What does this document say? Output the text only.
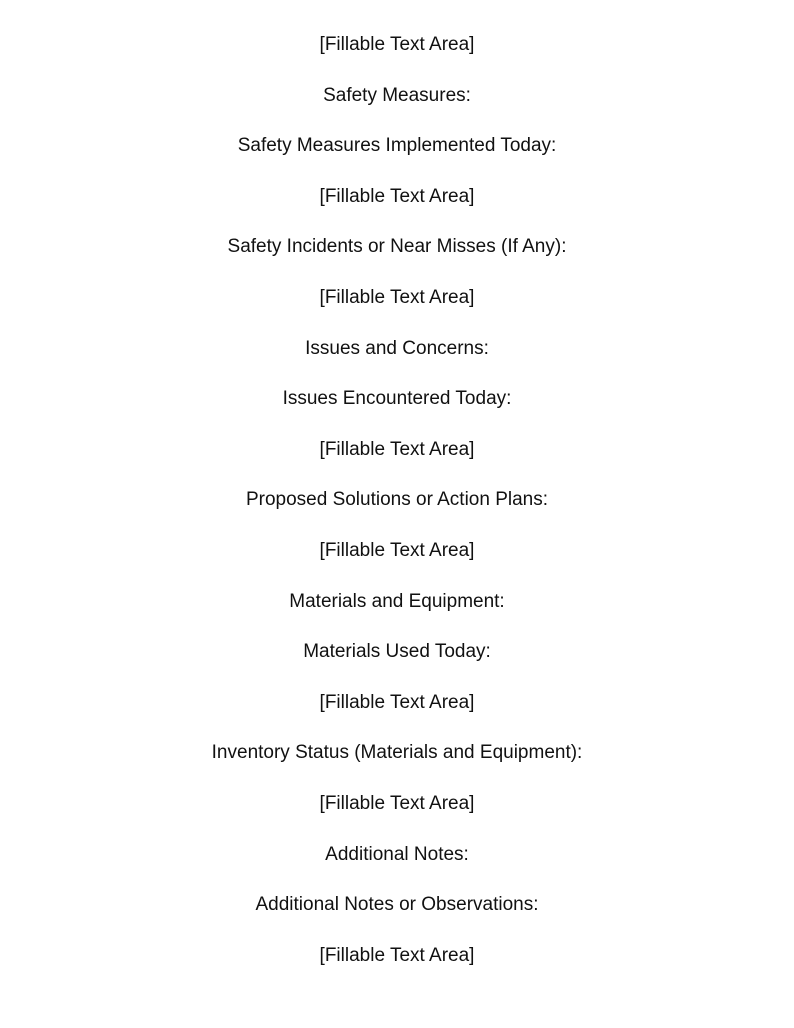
[Fillable Text Area]
Safety Measures:
Safety Measures Implemented Today:
[Fillable Text Area]
Safety Incidents or Near Misses (If Any):
[Fillable Text Area]
Issues and Concerns:
Issues Encountered Today:
[Fillable Text Area]
Proposed Solutions or Action Plans:
[Fillable Text Area]
Materials and Equipment:
Materials Used Today:
[Fillable Text Area]
Inventory Status (Materials and Equipment):
[Fillable Text Area]
Additional Notes:
Additional Notes or Observations:
[Fillable Text Area]
